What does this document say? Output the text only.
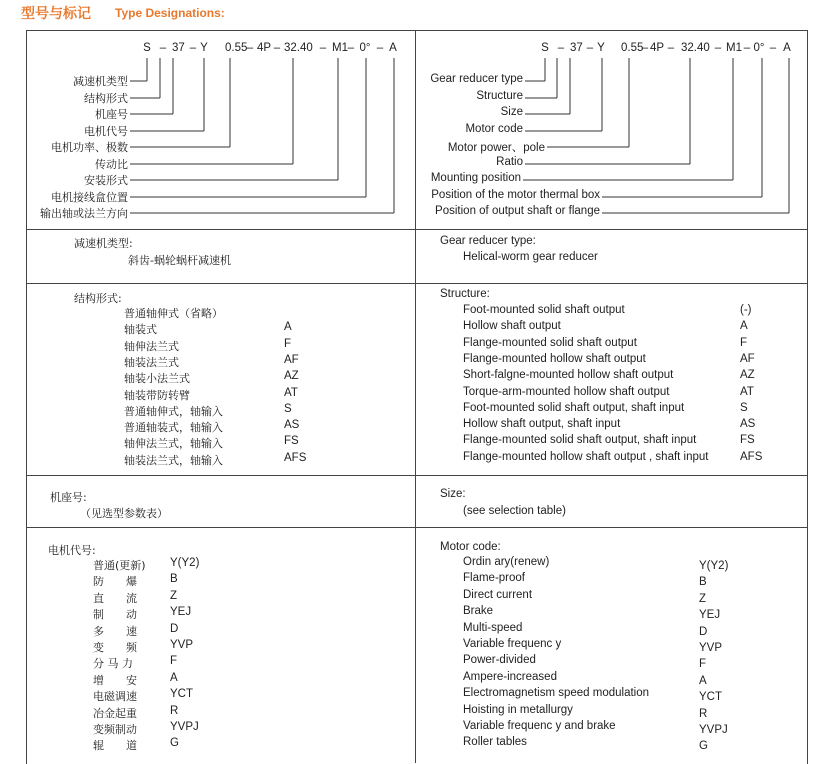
型号与标记 Type Designations:
S 37 Y 0.55 4P 32.40 M1 0° A
– –	– –	– – –
减速机类型
结构形式
机座号
电机代号
电机功率、极数
传动比
安装形式
电机接线盒位置
输出轴或法兰方向
S 37 Y 0.55 4P 32.40 M1 0° A
– –	– –	– – –
Gear reducer type
Structure
Size
Motor code
Motor power、pole
Ratio
Mounting position
Position of the motor thermal box
Position of output shaft or flange
减速机类型:
斜齿-蜗轮蜗杆减速机
Gear reducer type:
Helical-worm gear reducer
结构形式:	Structure:
普通轴伸式（省略）
轴装式	A
轴伸法兰式	F
轴装法兰式	AF
轴装小法兰式	AZ
轴装带防转臂	AT
普通轴伸式，轴输入	S
普通轴装式，轴输入	AS
轴伸法兰式，轴输入	FS
轴装法兰式，轴输入	AFS
Foot-mounted solid shaft output	(-)
Hollow shaft output	A
Flange-mounted solid shaft output	F
Flange-mounted hollow shaft output	AF
Short-falgne-mounted hollow shaft output	AZ
Torque-arm-mounted hollow shaft output	AT
Foot-mounted solid shaft output, shaft input	S
Hollow shaft output, shaft input	AS
Flange-mounted solid shaft output, shaft input	FS
Flange-mounted hollow shaft output , shaft input	AFS
机座号:
（见选型参数表）
Size:
(see selection table)
电机代号:	Motor code:
普通(更新) Y(Y2)
防　　爆	B
直　　流	Z
制　　动	YEJ
多　　速	D
变　　频	YVP
分 马 力	F
增　　安	A
电磁调速	YCT
冶金起重	R
变频制动	YVPJ
辊　　道	G
Ordin ary(renew)	Y(Y2)
Flame-proof	B
Direct current	Z
Brake	YEJ
Multi-speed	D
Variable frequenc y	YVP
Power-divided	F
Ampere-increased	A
Electromagnetism speed modulation	YCT
Hoisting in metallurgy	R
Variable frequenc y and brake	YVPJ
Roller tables	G
